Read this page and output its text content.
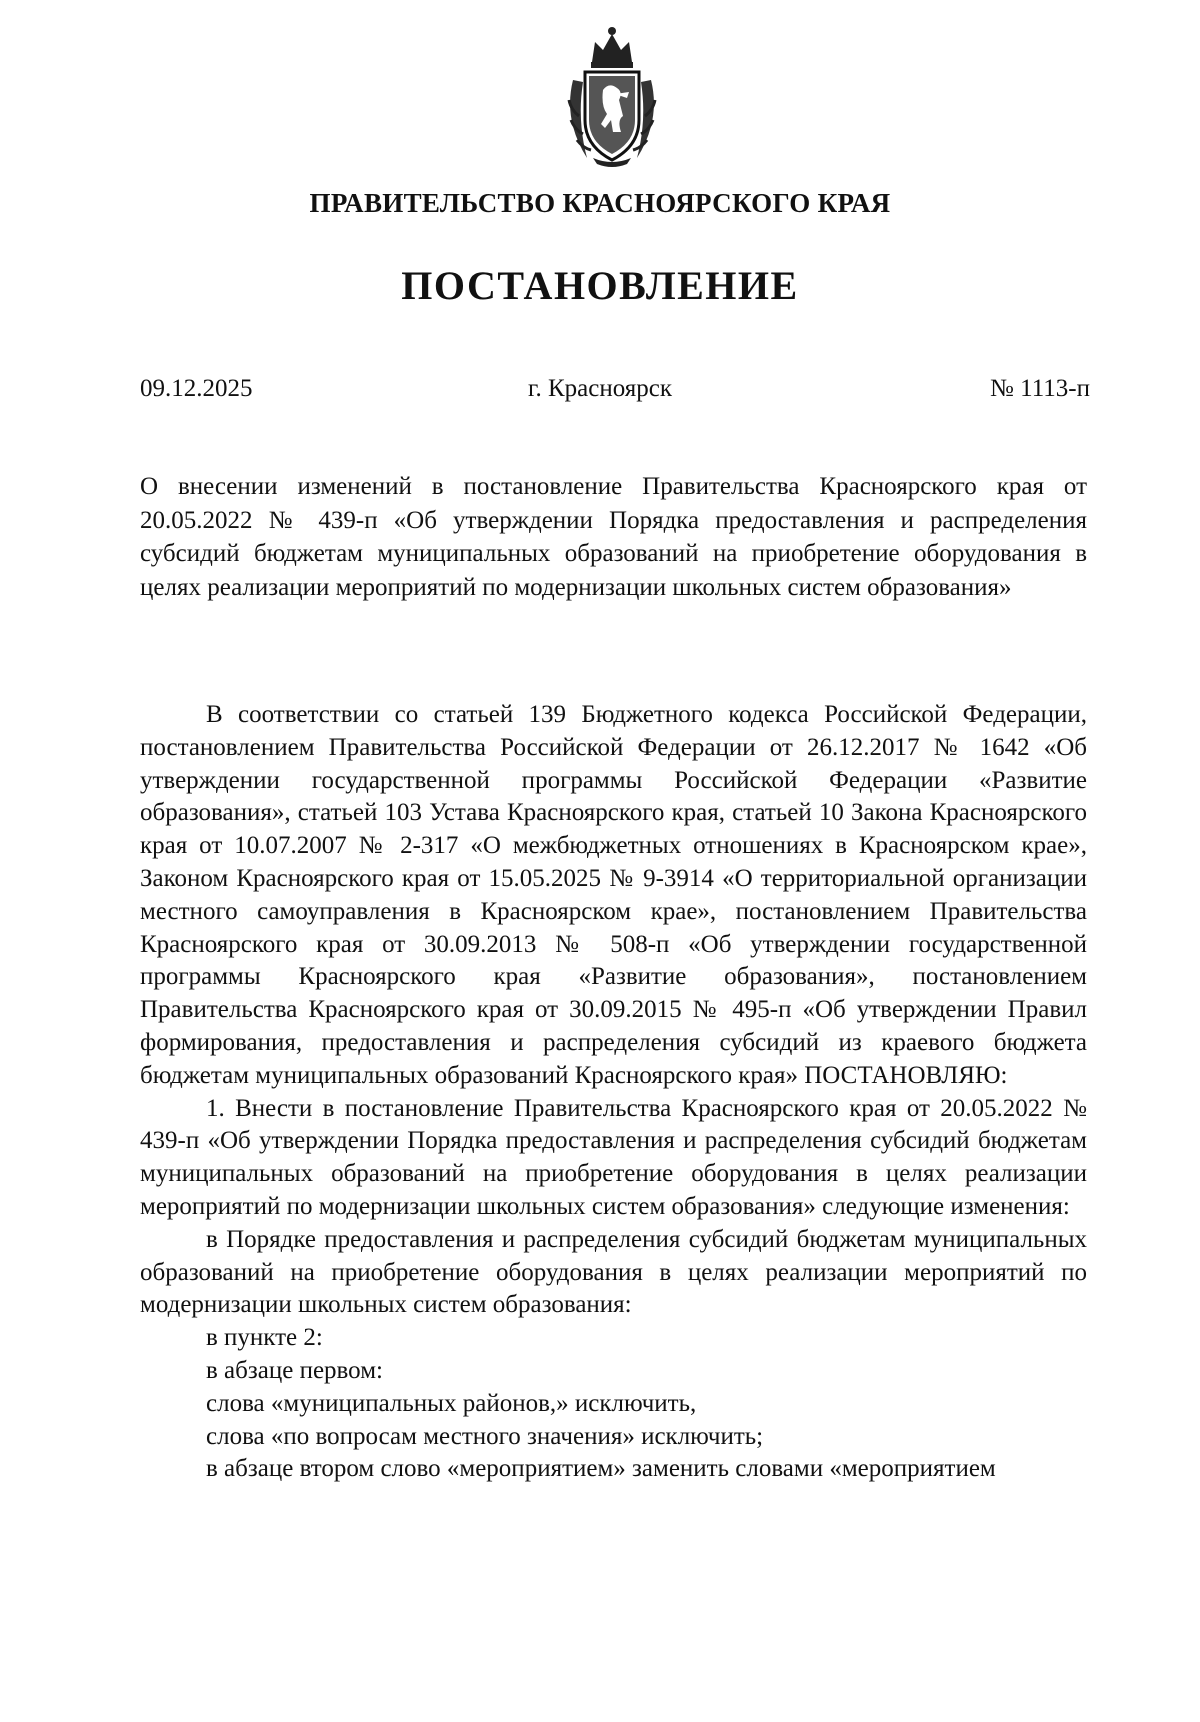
ПРАВИТЕЛЬСТВО КРАСНОЯРСКОГО КРАЯ
ПОСТАНОВЛЕНИЕ
09.12.2025	г. Красноярск	№ 1113-п
О внесении изменений в постановление Правительства Красноярского края от 20.05.2022 № 439-п «Об утверждении Порядка предоставления и распределения субсидий бюджетам муниципальных образований на приобретение оборудования в целях реализации мероприятий по модернизации школьных систем образования»

В соответствии со статьей 139 Бюджетного кодекса Российской Федерации, постановлением Правительства Российской Федерации от 26.12.2017 № 1642 «Об утверждении государственной программы Российской Федерации «Развитие образования», статьей 103 Устава Красноярского края, статьей 10 Закона Красноярского края от 10.07.2007 № 2-317 «О межбюджетных отношениях в Красноярском крае», Законом Красноярского края от 15.05.2025 № 9-3914 «О территориальной организации местного самоуправления в Красноярском крае», постановлением Правительства Красноярского края от 30.09.2013 № 508-п «Об утверждении государственной программы Красноярского края «Развитие образования», постановлением Правительства Красноярского края от 30.09.2015 № 495-п «Об утверждении Правил формирования, предоставления и распределения субсидий из краевого бюджета бюджетам муниципальных образований Красноярского края» ПОСТАНОВЛЯЮ:

1. Внести в постановление Правительства Красноярского края от 20.05.2022 № 439-п «Об утверждении Порядка предоставления и распределения субсидий бюджетам муниципальных образований на приобретение оборудования в целях реализации мероприятий по модернизации школьных систем образования» следующие изменения:

в Порядке предоставления и распределения субсидий бюджетам муниципальных образований на приобретение оборудования в целях реализации мероприятий по модернизации школьных систем образования:

в пункте 2:

в абзаце первом:

слова «муниципальных районов,» исключить,

слова «по вопросам местного значения» исключить;

в абзаце втором слово «мероприятием» заменить словами «мероприятием
